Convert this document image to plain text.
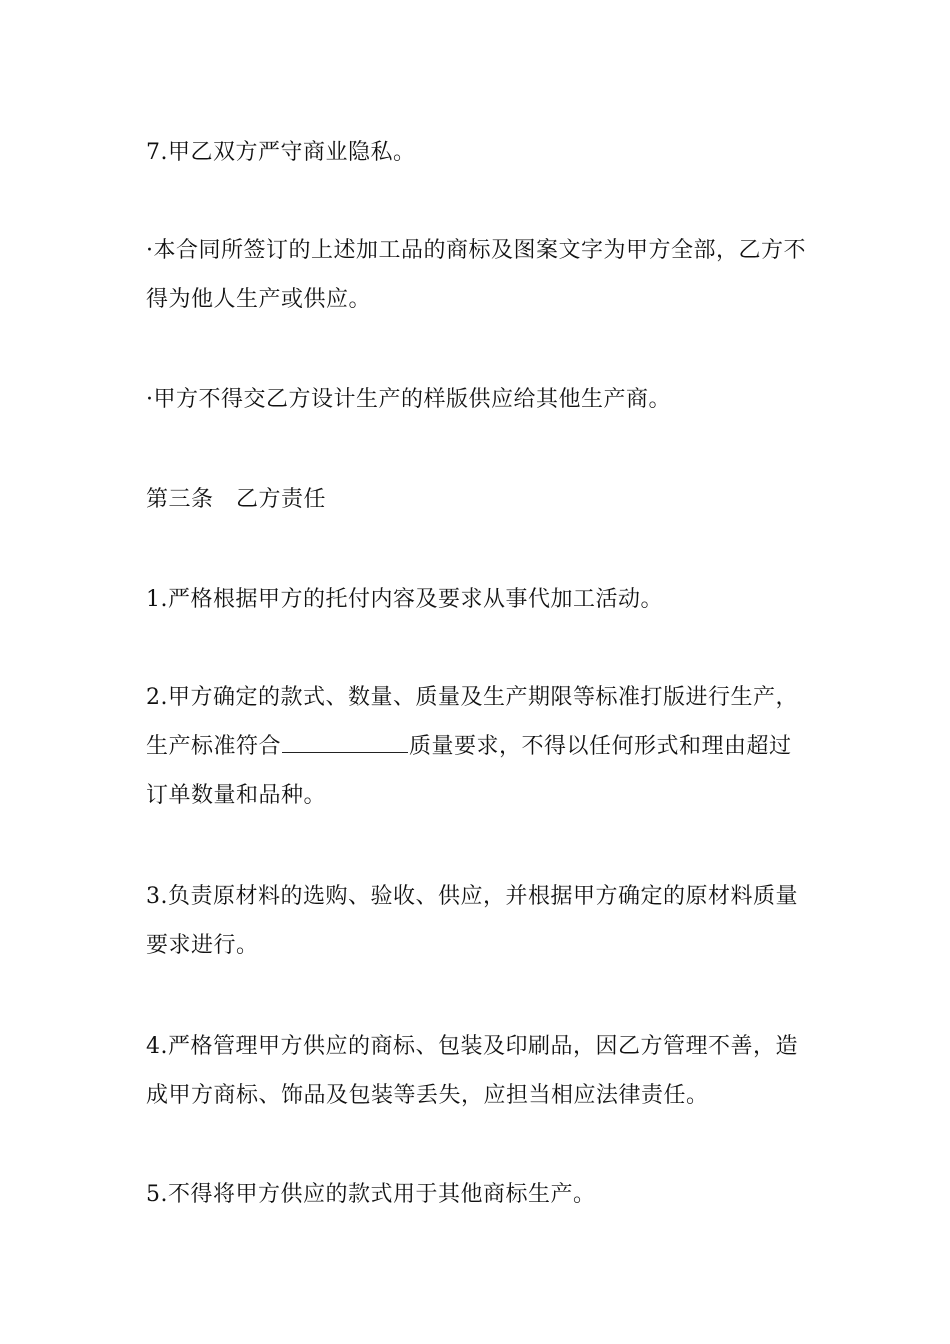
7.甲乙双方严守商业隐私。

·本合同所签订的上述加工品的商标及图案文字为甲方全部，乙方不得为他人生产或供应。

·甲方不得交乙方设计生产的样版供应给其他生产商。

第三条　乙方责任

1.严格根据甲方的托付内容及要求从事代加工活动。

2.甲方确定的款式、数量、质量及生产期限等标准打版进行生产，生产标准符合	质量要求，不得以任何形式和理由超过订单数量和品种。

3.负责原材料的选购、验收、供应，并根据甲方确定的原材料质量要求进行。

4.严格管理甲方供应的商标、包装及印刷品，因乙方管理不善，造成甲方商标、饰品及包装等丢失，应担当相应法律责任。

5.不得将甲方供应的款式用于其他商标生产。
